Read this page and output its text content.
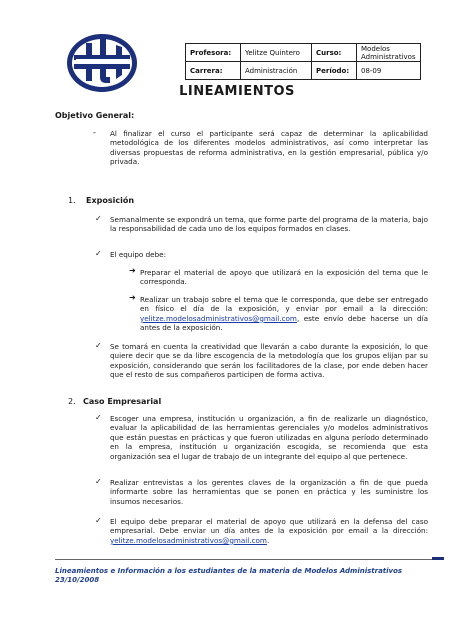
Profesora:	Yelitze Quintero	Curso:	Modelos
Administrativos

Carrera:	Administración	Período:	08-09
LINEAMIENTOS
Objetivo General:
- Al finalizar el curso el participante será capaz de determinar la aplicabilidad metodológica de los diferentes modelos administrativos, así como interpretar las diversas propuestas de reforma administrativa, en la gestión empresarial, pública y/o privada.
1. Exposición
✓ Semanalmente se expondrá un tema, que forme parte del programa de la materia, bajo la responsabilidad de cada uno de los equipos formados en clases.
✓ El equipo debe:
➜ Preparar el material de apoyo que utilizará en la exposición del tema que le corresponda.
➜ Realizar un trabajo sobre el tema que le corresponda, que debe ser entregado en físico el día de la exposición, y enviar por email a la dirección: yelitze.modelosadministrativos@gmail.com, este envío debe hacerse un día antes de la exposición.
✓ Se tomará en cuenta la creatividad que llevarán a cabo durante la exposición, lo que quiere decir que se da libre escogencia de la metodología que los grupos elijan par su exposición, considerando que serán los facilitadores de la clase, por ende deben hacer que el resto de sus compañeros participen de forma activa.
2. Caso Empresarial
✓ Escoger una empresa, institución u organización, a fin de realizarle un diagnóstico, evaluar la aplicabilidad de las herramientas gerenciales y/o modelos administrativos que están puestas en prácticas y que fueron utilizadas en alguna período determinado en la empresa, institución u organización escogida, se recomienda que esta organización sea el lugar de trabajo de un integrante del equipo al que pertenece.
✓ Realizar entrevistas a los gerentes claves de la organización a fin de que pueda informarte sobre las herramientas que se ponen en práctica y les suministre los insumos necesarios.
✓ El equipo debe preparar el material de apoyo que utilizará en la defensa del caso empresarial. Debe enviar un día antes de la exposición por email a la dirección: yelitze.modelosadministrativos@gmail.com.
Lineamientos e Información a los estudiantes de la materia de Modelos Administrativos
23/10/2008
